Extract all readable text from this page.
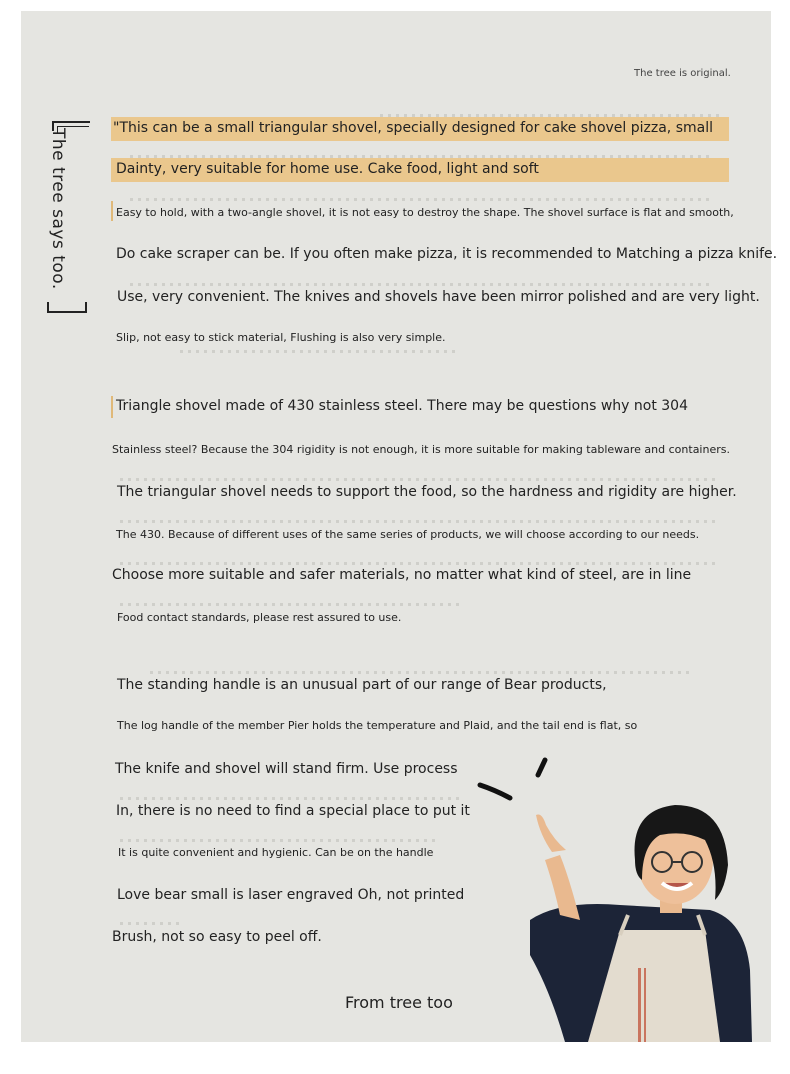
The tree is original.
The tree says too.	"This can be a small triangular shovel, specially designed for cake shovel pizza, small
Dainty, very suitable for home use. Cake food, light and soft
Easy to hold, with a two-angle shovel, it is not easy to destroy the shape. The shovel surface is flat and smooth,
Do cake scraper can be. If you often make pizza, it is recommended to Matching a pizza knife.
Use, very convenient. The knives and shovels have been mirror polished and are very light.
Slip, not easy to stick material, Flushing is also very simple.
Triangle shovel made of 430 stainless steel. There may be questions why not 304
Stainless steel? Because the 304 rigidity is not enough, it is more suitable for making tableware and containers.
The triangular shovel needs to support the food, so the hardness and rigidity are higher.
The 430. Because of different uses of the same series of products, we will choose according to our needs.
Choose more suitable and safer materials, no matter what kind of steel, are in line
Food contact standards, please rest assured to use.
The standing handle is an unusual part of our range of Bear products,
The log handle of the member Pier holds the temperature and Plaid, and the tail end is flat, so
The knife and shovel will stand firm. Use process
In, there is no need to find a special place to put it
It is quite convenient and hygienic. Can be on the handle
Love bear small is laser engraved Oh, not printed
Brush, not so easy to peel off.
From tree too
